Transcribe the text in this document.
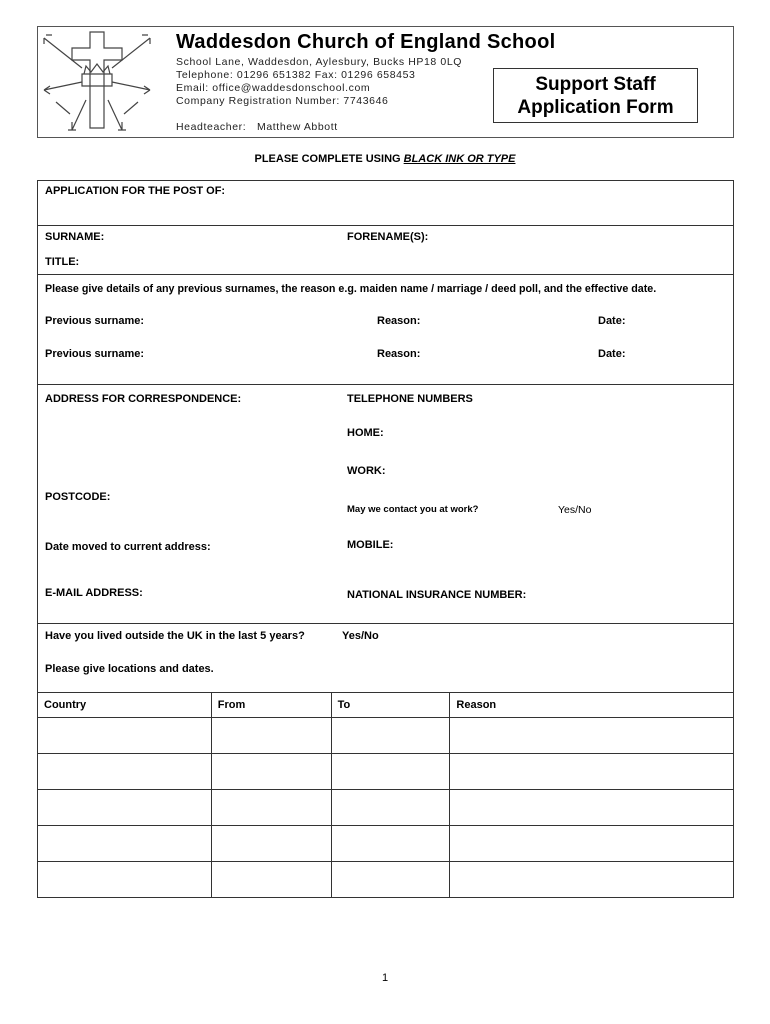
Waddesdon Church of England School
School Lane, Waddesdon, Aylesbury, Bucks HP18 0LQ
Telephone: 01296 651382 Fax: 01296 658453
Email: office@waddesdonschool.com
Company Registration Number: 7743646
Headteacher: Matthew Abbott
Support Staff
Application Form
PLEASE COMPLETE USING BLACK INK OR TYPE
APPLICATION FOR THE POST OF:
SURNAME:	FORENAME(S):
TITLE:
Please give details of any previous surnames, the reason e.g. maiden name / marriage / deed poll, and the effective date.
Previous surname:	Reason:	Date:
Previous surname:	Reason:	Date:
ADDRESS FOR CORRESPONDENCE:	TELEPHONE NUMBERS
HOME:
WORK:
POSTCODE:
May we contact you at work?	Yes/No
Date moved to current address:	MOBILE:
E-MAIL ADDRESS:	NATIONAL INSURANCE NUMBER:
Have you lived outside the UK in the last 5 years?	Yes/No
Please give locations and dates.
Country	From	To	Reason

1
